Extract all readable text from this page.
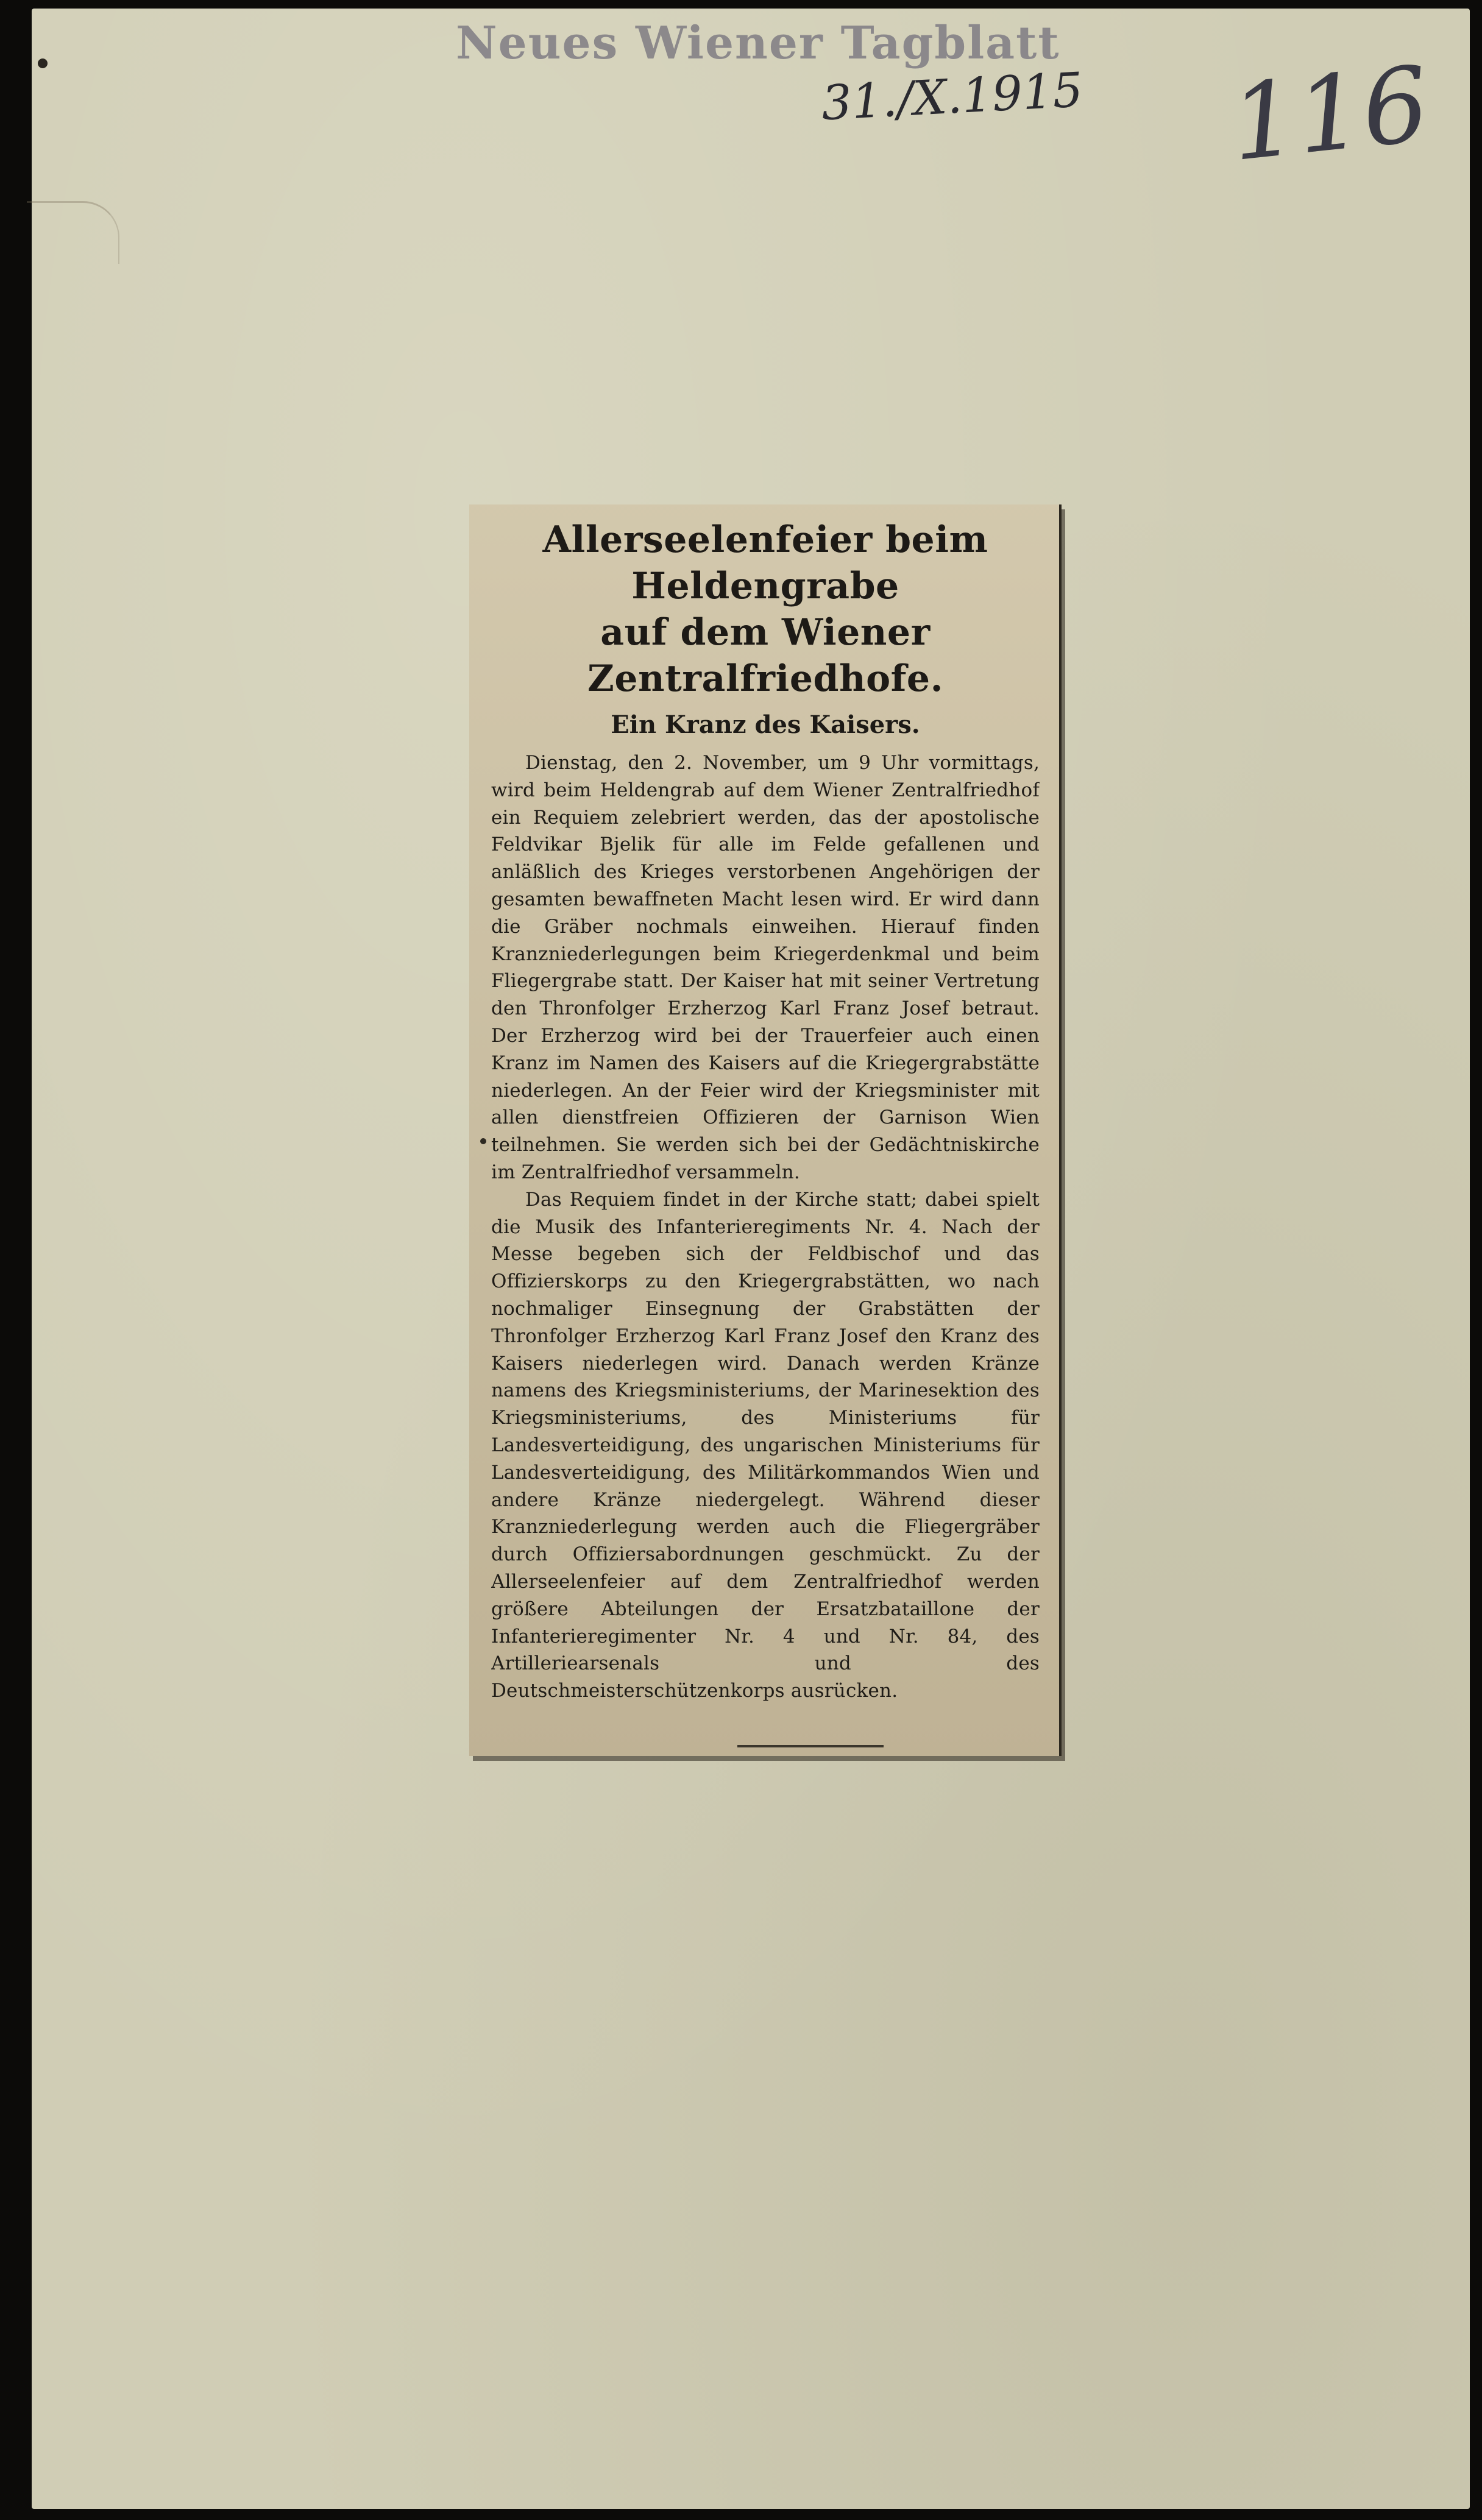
Neues Wiener Tagblatt

31./X.1915 116

Allerseelenfeier beim Heldengrabe
auf dem Wiener Zentralfriedhofe.
Ein Kranz des Kaisers.

Dienstag, den 2. November, um 9 Uhr vormittags, wird beim Heldengrab auf dem Wiener Zentralfriedhof ein Requiem zelebriert werden, das der apostolische Feldvikar Bjelik für alle im Felde gefallenen und anläßlich des Krieges verstorbenen Angehörigen der gesamten bewaffneten Macht lesen wird. Er wird dann die Gräber nochmals einweihen. Hierauf finden Kranzniederlegungen beim Kriegerdenkmal und beim Fliegergrabe statt. Der Kaiser hat mit seiner Vertretung den Thronfolger Erzherzog Karl Franz Josef betraut. Der Erzherzog wird bei der Trauerfeier auch einen Kranz im Namen des Kaisers auf die Kriegergrabstätte niederlegen. An der Feier wird der Kriegsminister mit allen dienstfreien Offizieren der Garnison Wien teilnehmen. Sie werden sich bei der Gedächtniskirche im Zentralfriedhof versammeln.

Das Requiem findet in der Kirche statt; dabei spielt die Musik des Infanterieregiments Nr. 4. Nach der Messe begeben sich der Feldbischof und das Offizierskorps zu den Kriegergrabstätten, wo nach nochmaliger Einsegnung der Grabstätten der Thronfolger Erzherzog Karl Franz Josef den Kranz des Kaisers niederlegen wird. Danach werden Kränze namens des Kriegsministeriums, der Marinesektion des Kriegsministeriums, des Ministeriums für Landesverteidigung, des ungarischen Ministeriums für Landesverteidigung, des Militärkommandos Wien und andere Kränze niedergelegt. Während dieser Kranzniederlegung werden auch die Fliegergräber durch Offiziersabordnungen geschmückt. Zu der Allerseelenfeier auf dem Zentralfriedhof werden größere Abteilungen der Ersatzbataillone der Infanterieregimenter Nr. 4 und Nr. 84, des Artilleriearsenals und des Deutschmeisterschützenkorps ausrücken.
